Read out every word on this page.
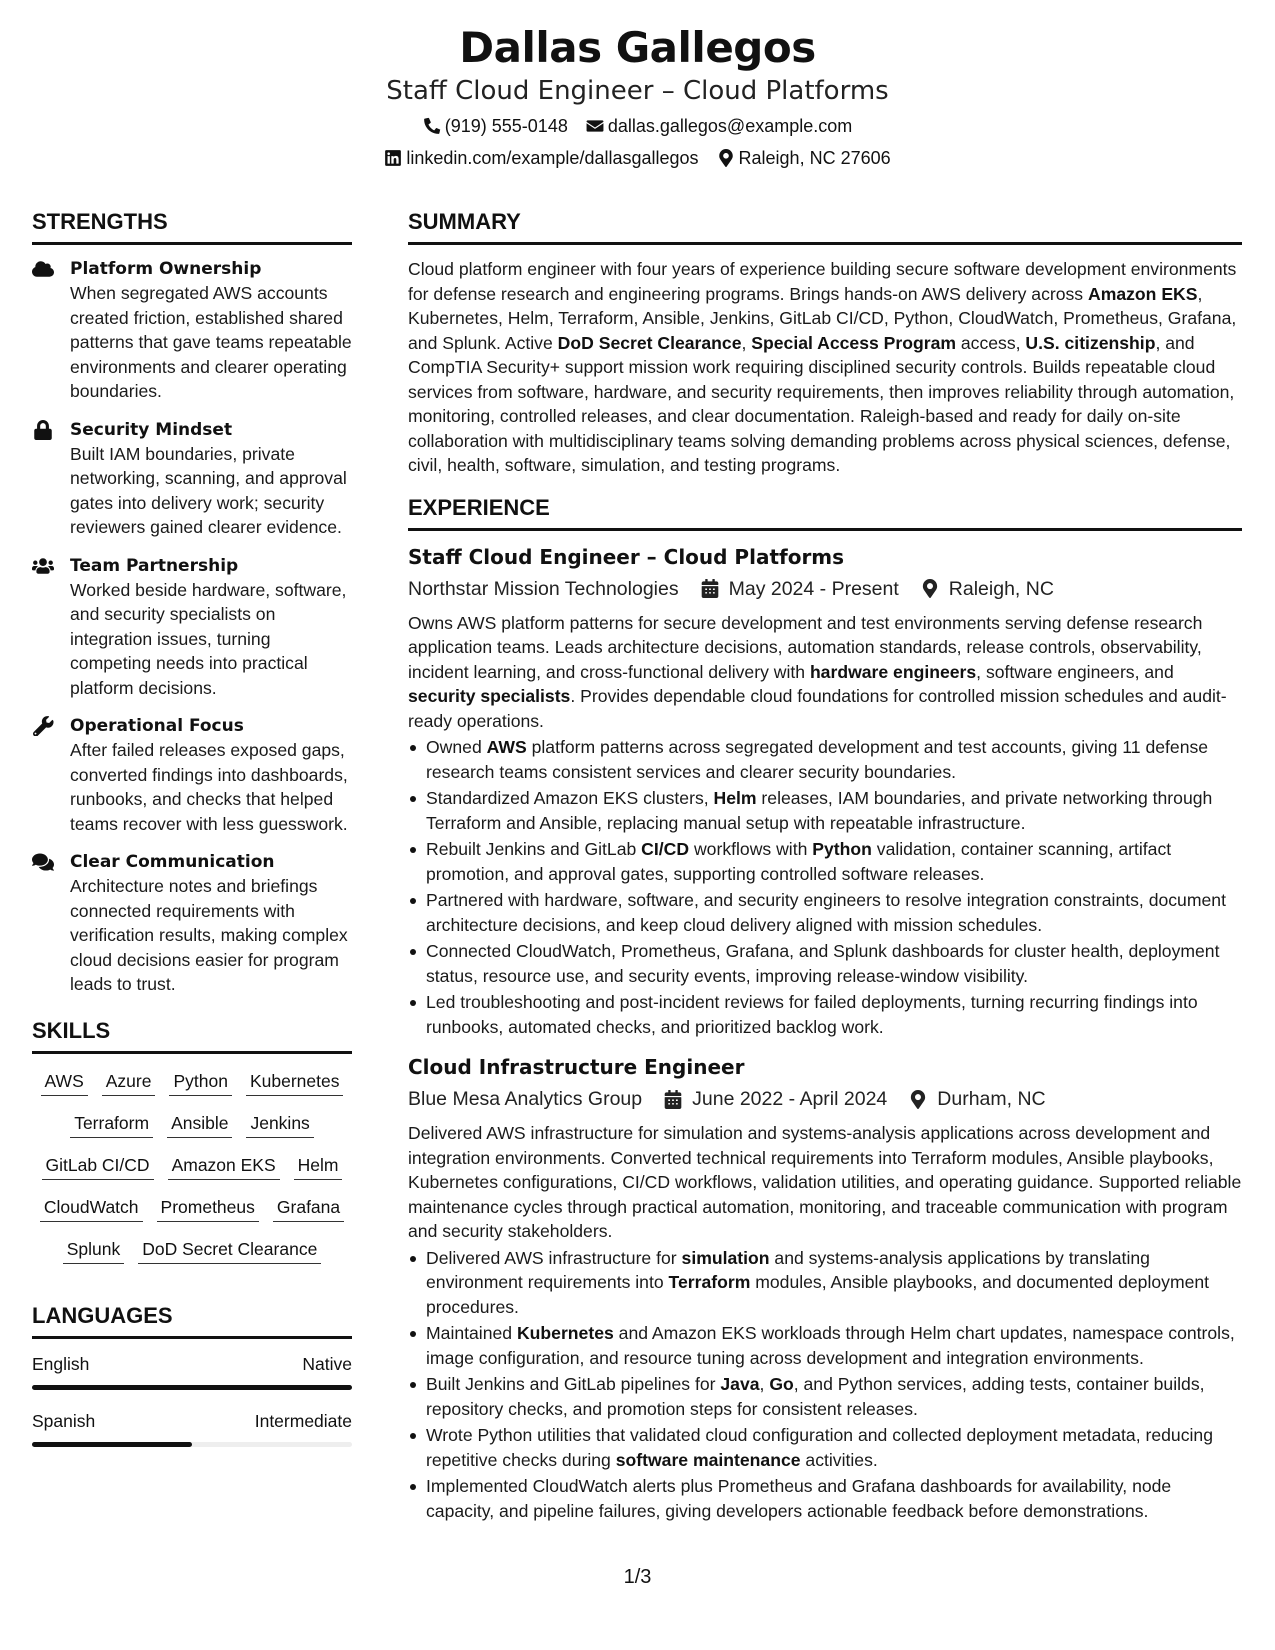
Dallas Gallegos
Staff Cloud Engineer – Cloud Platforms
(919) 555-0148 dallas.gallegos@example.com
linkedin.com/example/dallasgallegos Raleigh, NC 27606
STRENGTHS
Platform Ownership
When segregated AWS accounts created friction, established shared patterns that gave teams repeatable environments and clearer operating boundaries.
Security Mindset
Built IAM boundaries, private networking, scanning, and approval gates into delivery work; security reviewers gained clearer evidence.
Team Partnership
Worked beside hardware, software, and security specialists on integration issues, turning competing needs into practical platform decisions.
Operational Focus
After failed releases exposed gaps, converted findings into dashboards, runbooks, and checks that helped teams recover with less guesswork.
Clear Communication
Architecture notes and briefings connected requirements with verification results, making complex cloud decisions easier for program leads to trust.
SKILLS
AWS Azure Python Kubernetes
Terraform Ansible Jenkins
GitLab CI/CD Amazon EKS Helm
CloudWatch Prometheus Grafana
Splunk DoD Secret Clearance
LANGUAGES
English	Native
Spanish	Intermediate
SUMMARY
Cloud platform engineer with four years of experience building secure software development environments for defense research and engineering programs. Brings hands-on AWS delivery across Amazon EKS, Kubernetes, Helm, Terraform, Ansible, Jenkins, GitLab CI/CD, Python, CloudWatch, Prometheus, Grafana, and Splunk. Active DoD Secret Clearance, Special Access Program access, U.S. citizenship, and CompTIA Security+ support mission work requiring disciplined security controls. Builds repeatable cloud services from software, hardware, and security requirements, then improves reliability through automation, monitoring, controlled releases, and clear documentation. Raleigh-based and ready for daily on-site collaboration with multidisciplinary teams solving demanding problems across physical sciences, defense, civil, health, software, simulation, and testing programs.
EXPERIENCE
Staff Cloud Engineer – Cloud Platforms
Northstar Mission Technologies	May 2024 - Present	Raleigh, NC
Owns AWS platform patterns for secure development and test environments serving defense research application teams. Leads architecture decisions, automation standards, release controls, observability, incident learning, and cross-functional delivery with hardware engineers, software engineers, and security specialists. Provides dependable cloud foundations for controlled mission schedules and audit-ready operations.
Owned AWS platform patterns across segregated development and test accounts, giving 11 defense research teams consistent services and clearer security boundaries.
Standardized Amazon EKS clusters, Helm releases, IAM boundaries, and private networking through Terraform and Ansible, replacing manual setup with repeatable infrastructure.
Rebuilt Jenkins and GitLab CI/CD workflows with Python validation, container scanning, artifact promotion, and approval gates, supporting controlled software releases.
Partnered with hardware, software, and security engineers to resolve integration constraints, document architecture decisions, and keep cloud delivery aligned with mission schedules.
Connected CloudWatch, Prometheus, Grafana, and Splunk dashboards for cluster health, deployment status, resource use, and security events, improving release-window visibility.
Led troubleshooting and post-incident reviews for failed deployments, turning recurring findings into runbooks, automated checks, and prioritized backlog work.
Cloud Infrastructure Engineer
Blue Mesa Analytics Group	June 2022 - April 2024	Durham, NC
Delivered AWS infrastructure for simulation and systems-analysis applications across development and integration environments. Converted technical requirements into Terraform modules, Ansible playbooks, Kubernetes configurations, CI/CD workflows, validation utilities, and operating guidance. Supported reliable maintenance cycles through practical automation, monitoring, and traceable communication with program and security stakeholders.
Delivered AWS infrastructure for simulation and systems-analysis applications by translating environment requirements into Terraform modules, Ansible playbooks, and documented deployment procedures.
Maintained Kubernetes and Amazon EKS workloads through Helm chart updates, namespace controls, image configuration, and resource tuning across development and integration environments.
Built Jenkins and GitLab pipelines for Java, Go, and Python services, adding tests, container builds, repository checks, and promotion steps for consistent releases.
Wrote Python utilities that validated cloud configuration and collected deployment metadata, reducing repetitive checks during software maintenance activities.
Implemented CloudWatch alerts plus Prometheus and Grafana dashboards for availability, node capacity, and pipeline failures, giving developers actionable feedback before demonstrations.
1/3
